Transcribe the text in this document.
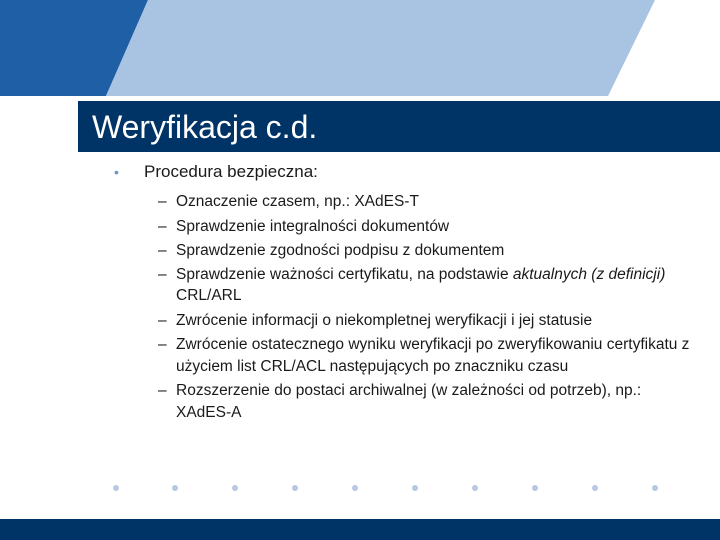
Weryfikacja c.d.
• Procedura bezpieczna:
– Oznaczenie czasem, np.: XAdES-T
– Sprawdzenie integralności dokumentów
– Sprawdzenie zgodności podpisu z dokumentem
– Sprawdzenie ważności certyfikatu, na podstawie aktualnych (z definicji) CRL/ARL
– Zwrócenie informacji o niekompletnej weryfikacji i jej statusie
– Zwrócenie ostatecznego wyniku weryfikacji po zweryfikowaniu certyfikatu z użyciem list CRL/ACL następujących po znaczniku czasu
– Rozszerzenie do postaci archiwalnej (w zależności od potrzeb), np.: XAdES-A
